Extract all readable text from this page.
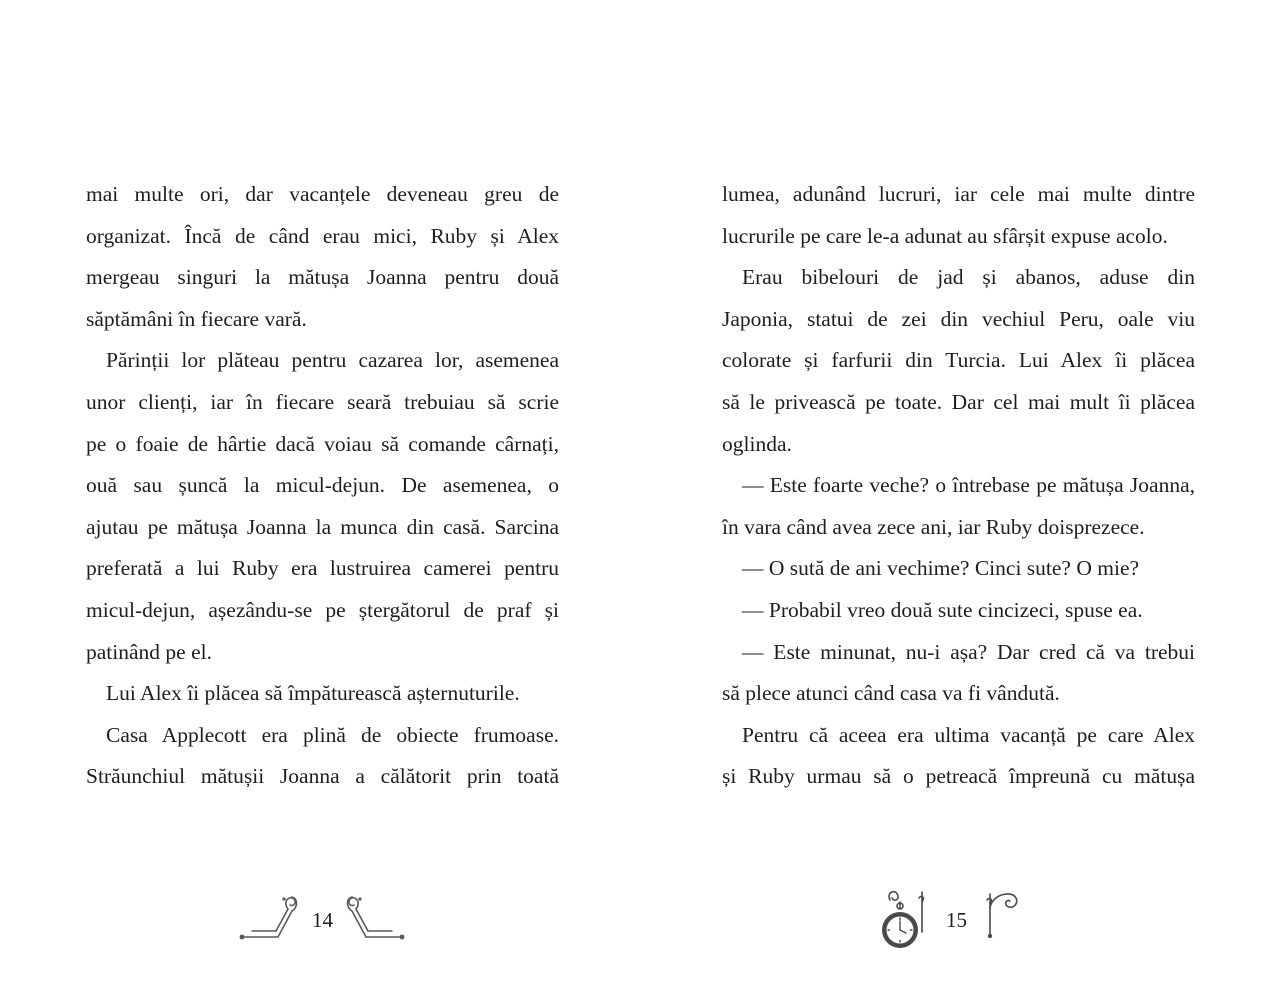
mai multe ori, dar vacanțele deveneau greu de

organizat. Încă de când erau mici, Ruby și Alex

mergeau singuri la mătușa Joanna pentru două

săptămâni în fiecare vară.

Părinții lor plăteau pentru cazarea lor, asemenea

unor clienți, iar în fiecare seară trebuiau să scrie

pe o foaie de hârtie dacă voiau să comande cârnați,

ouă sau șuncă la micul-dejun. De asemenea, o

ajutau pe mătușa Joanna la munca din casă. Sarcina

preferată a lui Ruby era lustruirea camerei pentru

micul-dejun, așezându-se pe ștergătorul de praf și

patinând pe el.

Lui Alex îi plăcea să împăturească așternuturile.

Casa Applecott era plină de obiecte frumoase.

Străunchiul mătușii Joanna a călătorit prin toată

lumea, adunând lucruri, iar cele mai multe dintre

lucrurile pe care le-a adunat au sfârșit expuse acolo.

Erau bibelouri de jad și abanos, aduse din

Japonia, statui de zei din vechiul Peru, oale viu

colorate și farfurii din Turcia. Lui Alex îi plăcea

să le privească pe toate. Dar cel mai mult îi plăcea

oglinda.

— Este foarte veche? o întrebase pe mătușa Joanna,

în vara când avea zece ani, iar Ruby doisprezece.

— O sută de ani vechime? Cinci sute? O mie?

— Probabil vreo două sute cincizeci, spuse ea.

— Este minunat, nu-i așa? Dar cred că va trebui

să plece atunci când casa va fi vândută.

Pentru că aceea era ultima vacanță pe care Alex

și Ruby urmau să o petreacă împreună cu mătușa

14	15
